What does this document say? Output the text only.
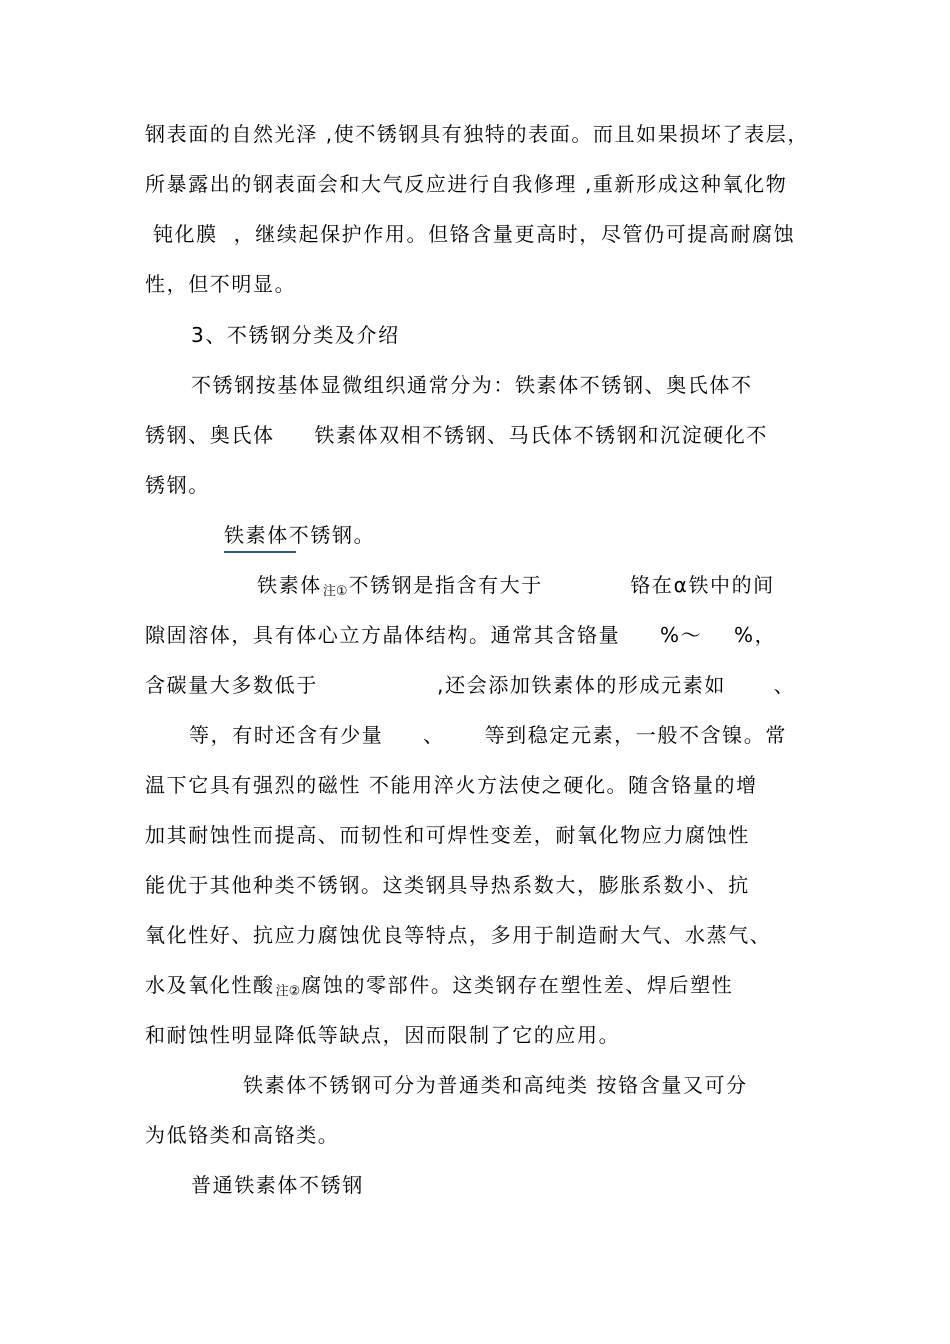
钢表面的自然光泽 ,使不锈钢具有独特的表面。而且如果损坏了表层，
所暴露出的钢表面会和大气反应进行自我修理 ,重新形成这种氧化物
钝化膜  ，继续起保护作用。但铬含量更高时，尽管仍可提高耐腐蚀
性，但不明显。
3、不锈钢分类及介绍
不锈钢按基体显微组织通常分为：铁素体不锈钢、奥氏体不
锈钢、奥氏体     铁素体双相不锈钢、马氏体不锈钢和沉淀硬化不
锈钢。
铁素体不锈钢。
铁素体$_{注①}$不锈钢是指含有大于           铬在α铁中的间
隙固溶体，具有体心立方晶体结构。通常其含铬量     %～    %，
含碳量大多数低于               ,还会添加铁素体的形成元素如      、
等，有时还含有少量     、     等到稳定元素，一般不含镍。常
温下它具有强烈的磁性 不能用淬火方法使之硬化。随含铬量的增
加其耐蚀性而提高、而韧性和可焊性变差，耐氧化物应力腐蚀性
能优于其他种类不锈钢。这类钢具导热系数大，膨胀系数小、抗
氧化性好、抗应力腐蚀优良等特点，多用于制造耐大气、水蒸气、
水及氧化性酸$_{注②}$腐蚀的零部件。这类钢存在塑性差、焊后塑性
和耐蚀性明显降低等缺点，因而限制了它的应用。
铁素体不锈钢可分为普通类和高纯类 按铬含量又可分
为低铬类和高铬类。
普通铁素体不锈钢
